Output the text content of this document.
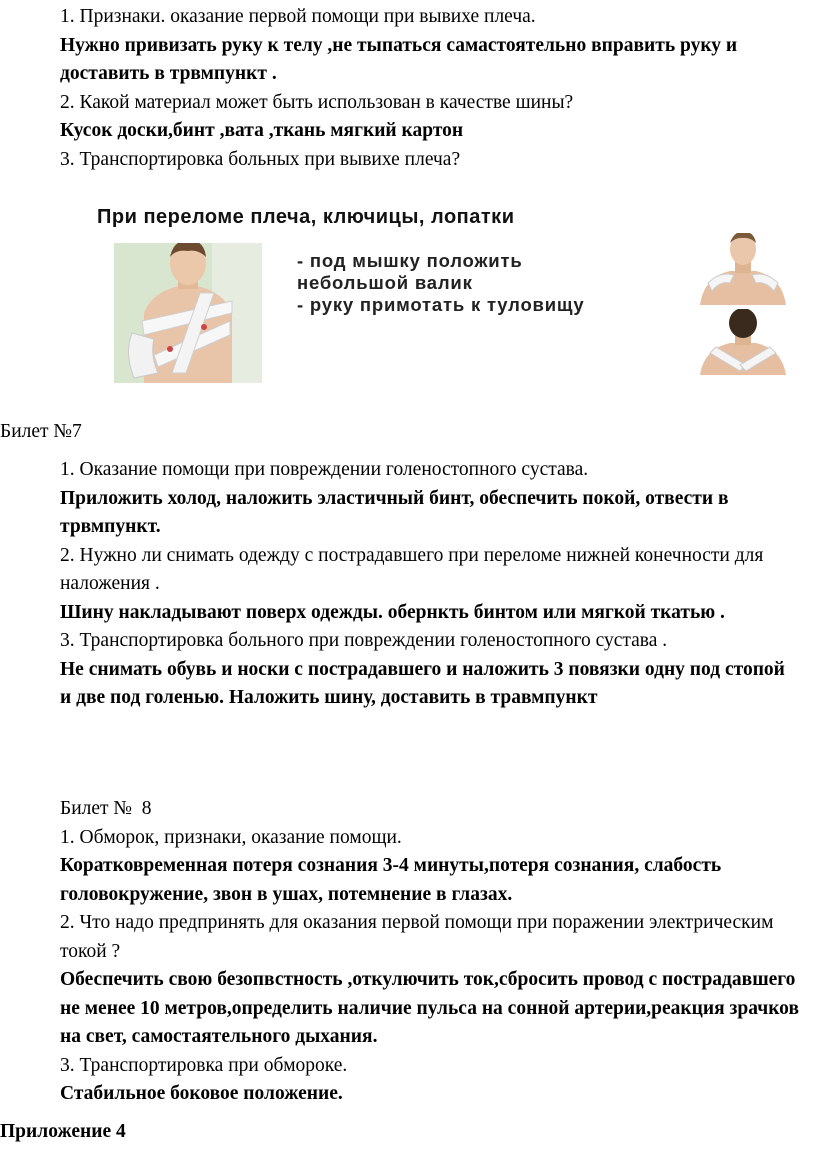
1. Признаки. оказание первой помощи при вывихе плеча.

Нужно привизать руку к телу ,не тыпаться самастоятельно вправить руку и доставить в трвмпункт .

2. Какой материал может быть использован в качестве шины?

Кусок доски,бинт ,вата ,ткань мягкий картон

3. Транспортировка больных при вывихе плеча?

При переломе плеча, ключицы, лопатки
- под мышку положить
небольшой валик
- руку примотать к туловищу

Билет №7

1. Оказание помощи при повреждении голеностопного сустава.

Приложить холод, наложить эластичный бинт, обеспечить покой, отвести в трвмпункт.

2. Нужно ли снимать одежду с пострадавшего при переломе нижней конечности для наложения .

Шину накладывают поверх одежды. обернкть бинтом или мягкой ткатью .

3. Транспортировка больного при повреждении голеностопного сустава .

Не снимать обувь и носки с пострадавшего и наложить 3 повязки одну под стопой и две под голенью. Наложить шину, доставить в травмпункт

Билет №  8

1. Обморок, признаки, оказание помощи.

Коратковременная потеря сознания 3-4 минуты,потеря сознания, слабость головокружение, звон в ушах, потемнение в глазах.

2. Что надо предпринять для оказания первой помощи при поражении электрическим токой ?

Обеспечить свою безопвстность ,откулючить ток,сбросить провод с пострадавшего не менее 10 метров,определить наличие пульса на сонной артерии,реакция зрачков на свет, самостаятельного дыхания.

3. Транспортировка при обмороке.

Стабильное боковое положение.

Приложение 4
